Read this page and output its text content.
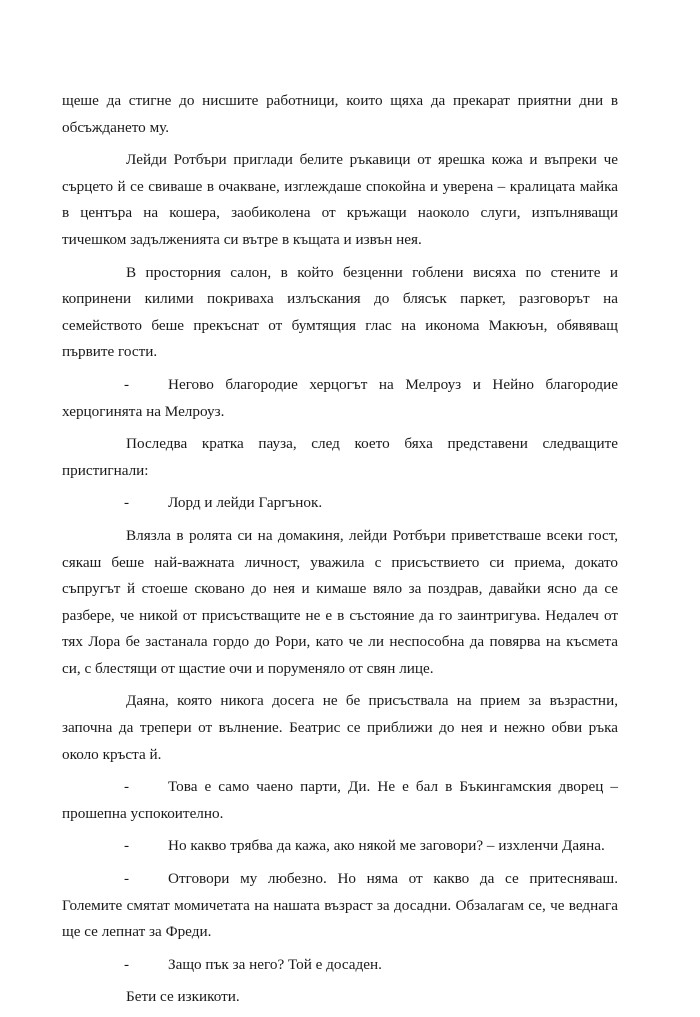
щеше да стигне до нисшите работници, които щяха да прекарат приятни дни в обсъждането му.

Лейди Ротбъри приглади белите ръкавици от ярешка кожа и въпреки че сърцето й се свиваше в очакване, изглеждаше спокойна и уверена – кралицата майка в центъра на кошера, заобиколена от кръжащи наоколо слуги, изпълняващи тичешком задълженията си вътре в къщата и извън нея.

В просторния салон, в който безценни гоблени висяха по стените и копринени килими покриваха излъскания до блясък паркет, разговорът на семейството беше прекъснат от бумтящия глас на иконома Макюън, обявяващ първите гости.

-	Негово благородие херцогът на Мелроуз и Нейно благородие херцогинята на Мелроуз.

Последва кратка пауза, след което бяха представени следващите пристигнали:

-	Лорд и лейди Гаргънок.

Влязла в ролята си на домакиня, лейди Ротбъри приветстваше всеки гост, сякаш беше най-важната личност, уважила с присъствието си приема, докато съпругът й стоеше сковано до нея и кимаше вяло за поздрав, давайки ясно да се разбере, че никой от присъстващите не е в състояние да го заинтригува. Недалеч от тях Лора бе застанала гордо до Рори, като че ли неспособна да повярва на късмета си, с блестящи от щастие очи и поруменяло от свян лице.

Даяна, която никога досега не бе присъствала на прием за възрастни, започна да трепери от вълнение. Беатрис се приближи до нея и нежно обви ръка около кръста й.

-	Това е само чаено парти, Ди. Не е бал в Бъкингамския дворец – прошепна успокоително.

-	Но какво трябва да кажа, ако някой ме заговори? – изхленчи Даяна.

-	Отговори му любезно. Но няма от какво да се притесняваш. Големите смятат момичетата на нашата възраст за досадни. Обзалагам се, че веднага ще се лепнат за Фреди.

-	Защо пък за него? Той е досаден.

Бети се изкикоти.
